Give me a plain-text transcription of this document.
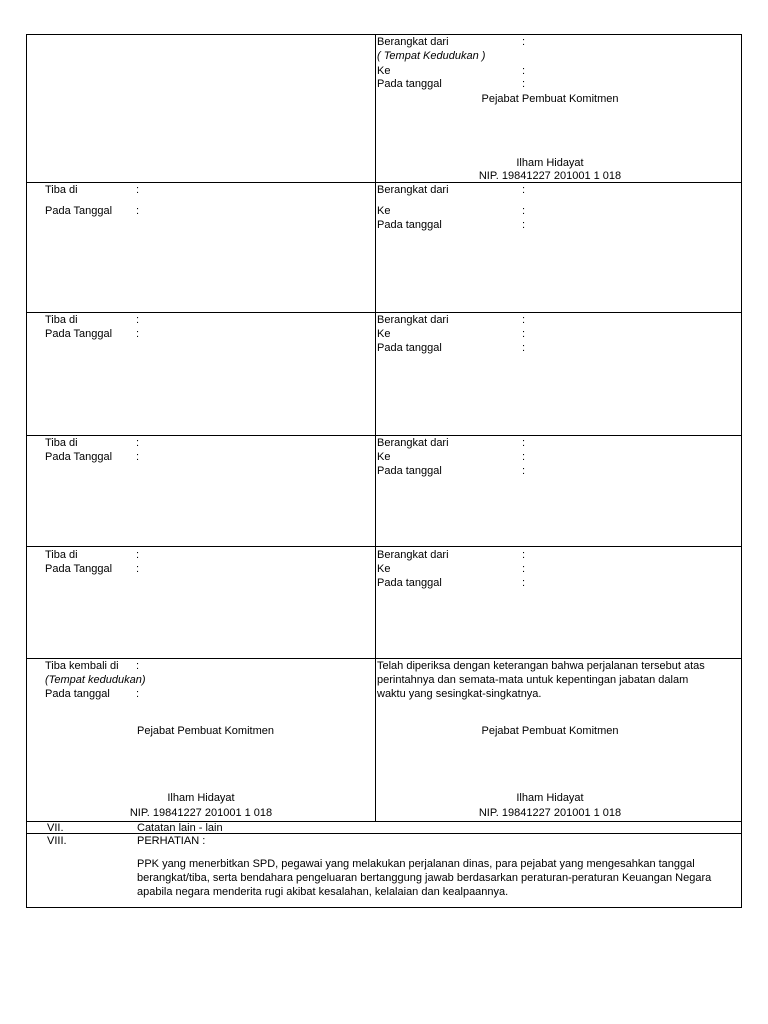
Berangkat dari	:
( Tempat Kedudukan )
Ke	:
Pada tanggal	:
Pejabat Pembuat Komitmen
Ilham Hidayat
NIP. 19841227 201001 1 018
Tiba di	:
Pada Tanggal :
Berangkat dari	:
Ke	:
Pada tanggal	:
Tiba di	:
Pada Tanggal :
Berangkat dari	:
Ke	:
Pada tanggal	:
Tiba di	:
Pada Tanggal :
Berangkat dari	:
Ke	:
Pada tanggal	:
Tiba di	:
Pada Tanggal :
Berangkat dari	:
Ke	:
Pada tanggal	:
Tiba kembali di :
(Tempat kedudukan)
Pada tanggal :
Telah diperiksa dengan keterangan bahwa perjalanan tersebut atas perintahnya dan semata-mata untuk kepentingan jabatan dalam waktu yang sesingkat-singkatnya.
Pejabat Pembuat Komitmen
Ilham Hidayat
NIP. 19841227 201001 1 018
Pejabat Pembuat Komitmen
Ilham Hidayat
NIP. 19841227 201001 1 018
VII.	Catatan lain - lain
VIII.	PERHATIAN :
PPK yang menerbitkan SPD, pegawai yang melakukan perjalanan dinas, para pejabat yang mengesahkan tanggal berangkat/tiba, serta bendahara pengeluaran bertanggung jawab berdasarkan peraturan-peraturan Keuangan Negara apabila negara menderita rugi akibat kesalahan, kelalaian dan kealpaannya.
